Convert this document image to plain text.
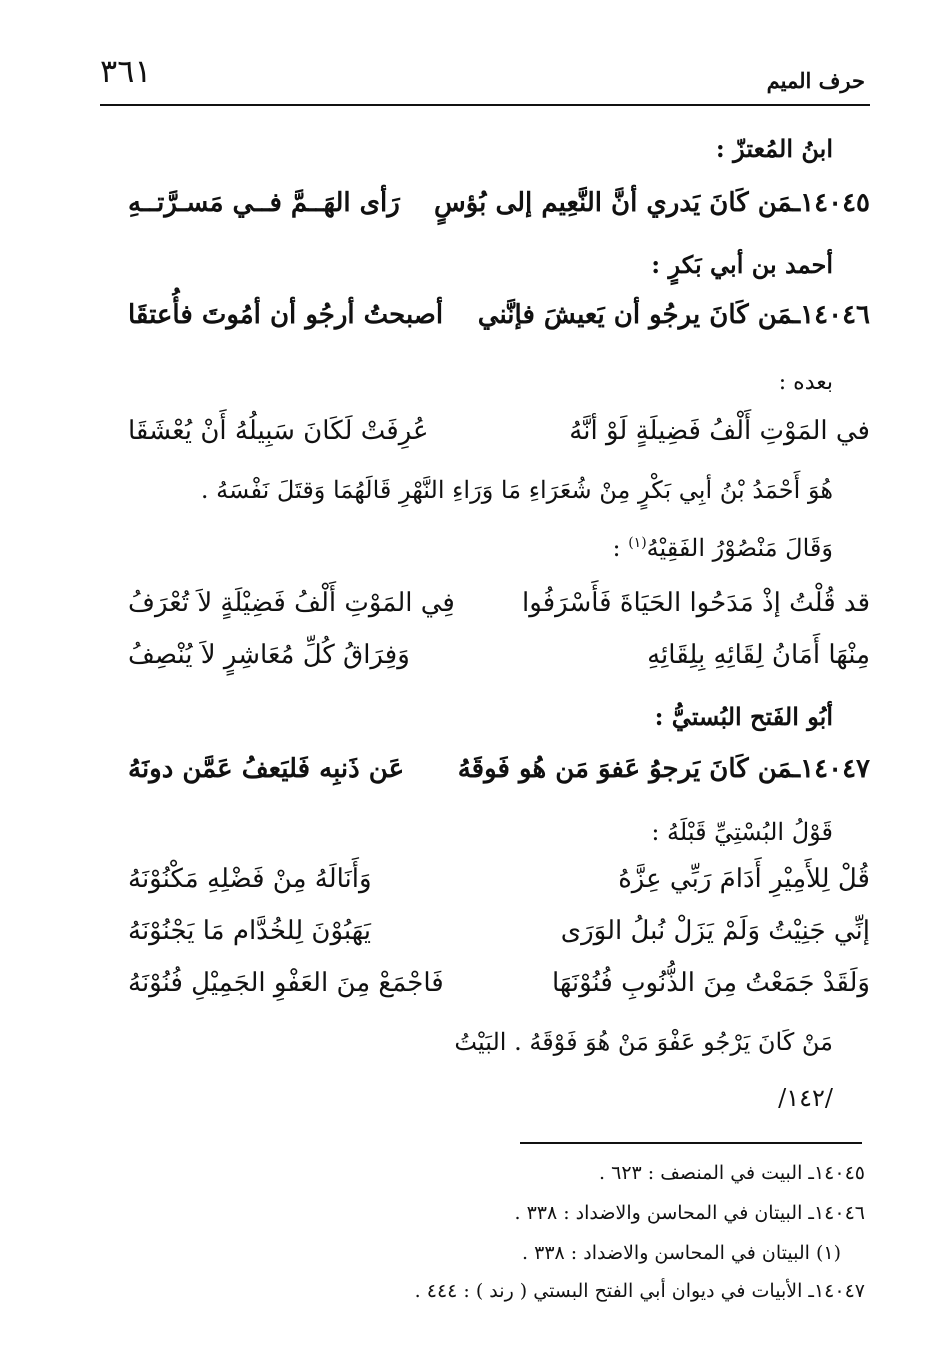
٣٦١	حرف الميم
ابنُ المُعتزّ :
١٤٠٤٥ـمَن كَانَ يَدري أنَّ النَّعِيم إلى بُؤسٍ
رَأى الهَــمَّ فــي مَسـرَّتــهِ
أحمد بن أبي بَكرٍ :
١٤٠٤٦ـمَن كَانَ يرجُو أن يَعيشَ فإنَّني
أصبحتُ أرجُو أن أمُوتَ فأُعتقَا
بعده :
في المَوْتِ أَلْفُ فَضِيلَةٍ لَوْ أنَّهُ
عُرِفَتْ لَكَانَ سَبِيلُهُ أَنْ يُعْشَقَا
هُوَ أَحْمَدُ بْنُ أبِي بَكْرٍ مِنْ شُعَرَاءِ مَا وَرَاءِ النَّهْرِ قَالَهُمَا وَقتَلَ نَفْسَهُ .
وَقَالَ مَنْصُوْرُ الفَقِيْهُ$^{(١)}$ :
قد قُلْتُ إذْ مَدَحُوا الحَيَاةَ فَأَسْرَفُوا
فِي المَوْتِ أَلْفُ فَضِيْلَةٍ لاَ تُعْرَفُ
مِنْهَا أَمَانُ لِقَائِهِ بِلِقَائِهِ
وَفِرَاقُ كُلِّ مُعَاشِرٍ لاَ يُنْصِفُ
أبُو الفَتح البُستيُّ :
١٤٠٤٧ـمَن كَانَ يَرجوُ عَفوَ مَن هُو فَوقَهُ
عَن ذَنبِه فَليَعفُ عَمَّن دونَهُ
قَوْلُ البُسْتِيِّ قَبْلَهُ :
قُلْ لِلأَمِيْرِ أَدَامَ رَبِّي عِزَّهُ
وَأَنَالَهُ مِنْ فَضْلِهِ مَكْنُوْنَهُ
إنِّي جَنِيْتُ وَلَمْ يَزَلْ نُبلُ الوَرَى
يَهَبُوْنَ لِلخُدَّام مَا يَجْنُوْنَهُ
وَلَقَدْ جَمَعْتُ مِنَ الذُّنُوبِ فُنُوْنَهَا
فَاجْمَعْ مِنَ العَفْوِ الجَمِيْلِ فُنُوْنَهُ
مَنْ كَانَ يَرْجُو عَفْوَ مَنْ هُوَ فَوْقَهُ . البَيْتُ
/١٤٢/
١٤٠٤٥ـ البيت في المنصف : ٦٢٣ .
١٤٠٤٦ـ البيتان في المحاسن والاضداد : ٣٣٨ .
(١) البيتان في المحاسن والاضداد : ٣٣٨ .
١٤٠٤٧ـ الأبيات في ديوان أبي الفتح البستي ( رند ) : ٤٤٤ .
